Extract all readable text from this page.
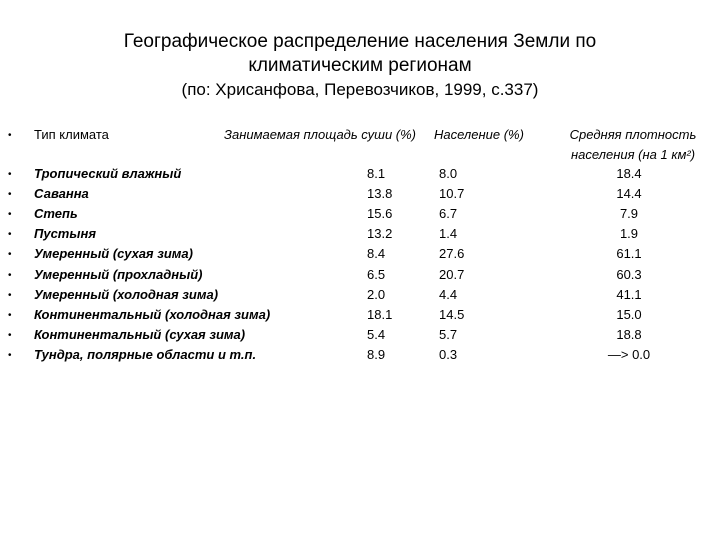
Географическое распределение населения Земли по
климатическим регионам
(по: Хрисанфова, Перевозчиков, 1999, с.337)
• Тип климата	Занимаемая площадь суши (%) Население (%)	Средняя плотность
населения (на 1 км²)
• Тропический влажный	8.1	8.0	18.4
• Саванна	13.8	10.7	14.4
• Степь	15.6	6.7	7.9
• Пустыня	13.2	1.4	1.9
• Умеренный (сухая зима)	8.4	27.6	61.1
• Умеренный (прохладный)	6.5	20.7	60.3
• Умеренный (холодная зима)	2.0	4.4	41.1
• Континентальный (холодная зима)	18.1	14.5	15.0
• Континентальный (сухая зима)	5.4	5.7	18.8
• Тундра, полярные области и т.п.	8.9	0.3	—> 0.0
